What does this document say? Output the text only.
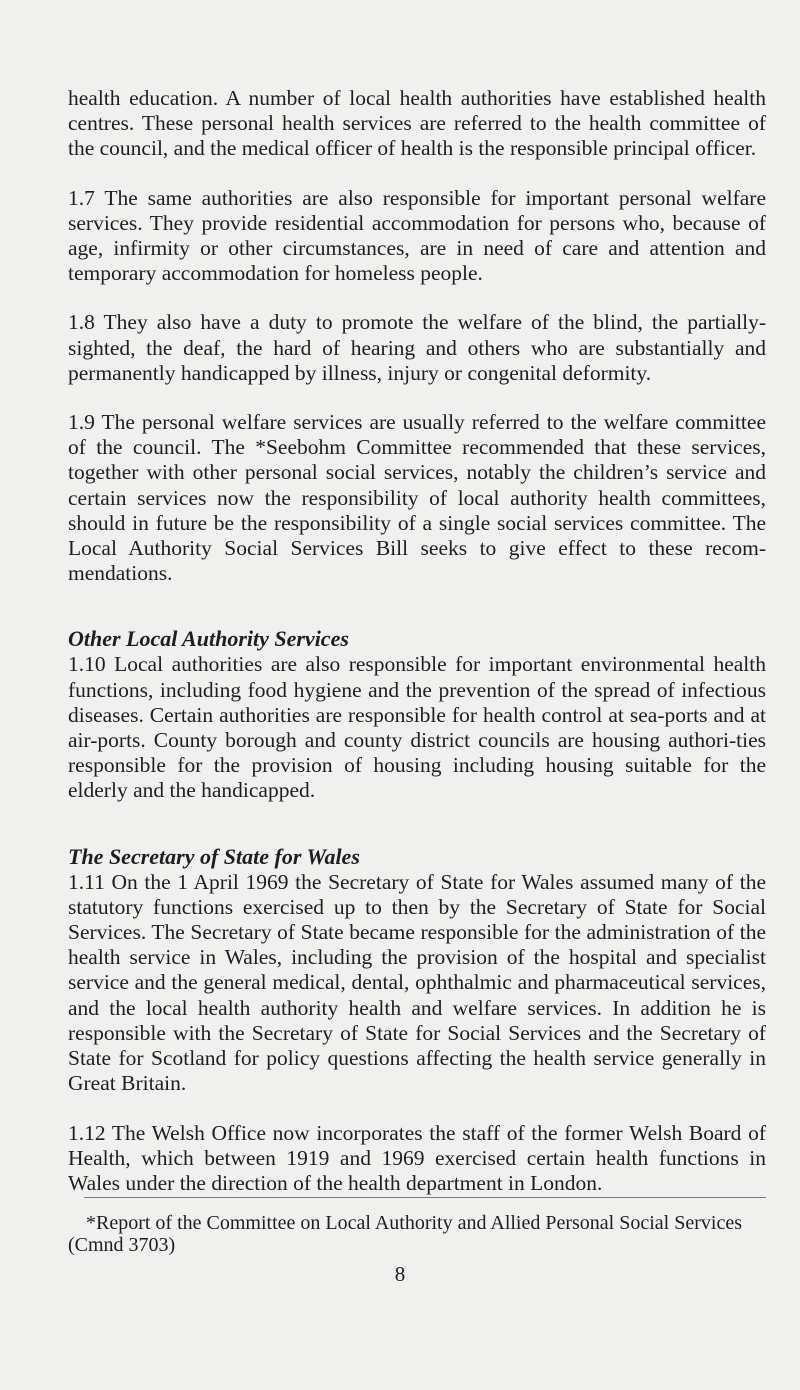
health education. A number of local health authorities have established health centres. These personal health services are referred to the health committee of the council, and the medical officer of health is the responsible principal officer.

1.7 The same authorities are also responsible for important personal welfare services. They provide residential accommodation for persons who, because of age, infirmity or other circumstances, are in need of care and attention and temporary accommodation for homeless people.

1.8 They also have a duty to promote the welfare of the blind, the partially-sighted, the deaf, the hard of hearing and others who are substantially and permanently handicapped by illness, injury or congenital deformity.

1.9 The personal welfare services are usually referred to the welfare committee of the council. The *Seebohm Committee recommended that these services, together with other personal social services, notably the children’s service and certain services now the responsibility of local authority health committees, should in future be the responsibility of a single social services committee. The Local Authority Social Services Bill seeks to give effect to these recom-mendations.

Other Local Authority Services

1.10 Local authorities are also responsible for important environmental health functions, including food hygiene and the prevention of the spread of infectious diseases. Certain authorities are responsible for health control at sea-ports and at air-ports. County borough and county district councils are housing authori-ties responsible for the provision of housing including housing suitable for the elderly and the handicapped.

The Secretary of State for Wales

1.11 On the 1 April 1969 the Secretary of State for Wales assumed many of the statutory functions exercised up to then by the Secretary of State for Social Services. The Secretary of State became responsible for the administration of the health service in Wales, including the provision of the hospital and specialist service and the general medical, dental, ophthalmic and pharmaceutical services, and the local health authority health and welfare services. In addition he is responsible with the Secretary of State for Social Services and the Secretary of State for Scotland for policy questions affecting the health service generally in Great Britain.

1.12 The Welsh Office now incorporates the staff of the former Welsh Board of Health, which between 1919 and 1969 exercised certain health functions in Wales under the direction of the health department in London.

*Report of the Committee on Local Authority and Allied Personal Social Services
(Cmnd 3703)
8
